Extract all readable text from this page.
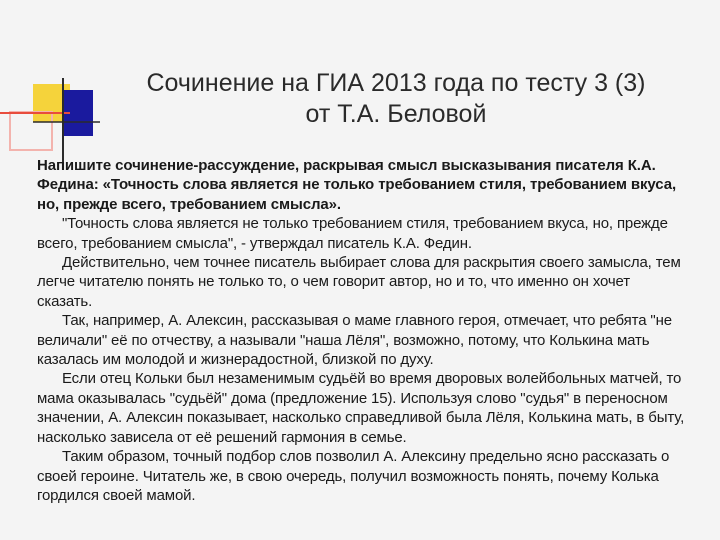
Сочинение на ГИА 2013 года по тесту 3 (3)
от Т.А. Беловой

Напишите сочинение-рассуждение, раскрывая смысл высказывания писателя К.А. Федина: «Точность слова является не только требованием стиля, требованием вкуса, но, прежде всего, требованием смысла».

"Точность слова является не только требованием стиля, требованием вкуса, но, прежде всего, требованием смысла", - утверждал писатель К.А. Федин.

Действительно, чем точнее писатель выбирает слова для раскрытия своего замысла, тем легче читателю понять не только то, о чем говорит автор, но и то, что именно он хочет сказать.

Так, например, А. Алексин, рассказывая о маме главного героя, отмечает, что ребята "не величали" её по отчеству, а называли "наша Лёля", возможно, потому, что Колькина мать казалась им молодой и жизнерадостной, близкой по духу.

Если отец Кольки был незаменимым судьёй во время дворовых волейбольных матчей, то мама оказывалась "судьёй" дома (предложение 15). Используя слово "судья" в переносном значении, А. Алексин показывает, насколько справедливой была Лёля, Колькина мать, в быту, насколько зависела от её решений гармония в семье.

Таким образом, точный подбор слов позволил А. Алексину предельно ясно рассказать о своей героине. Читатель же, в свою очередь, получил возможность понять, почему Колька гордился своей мамой.
